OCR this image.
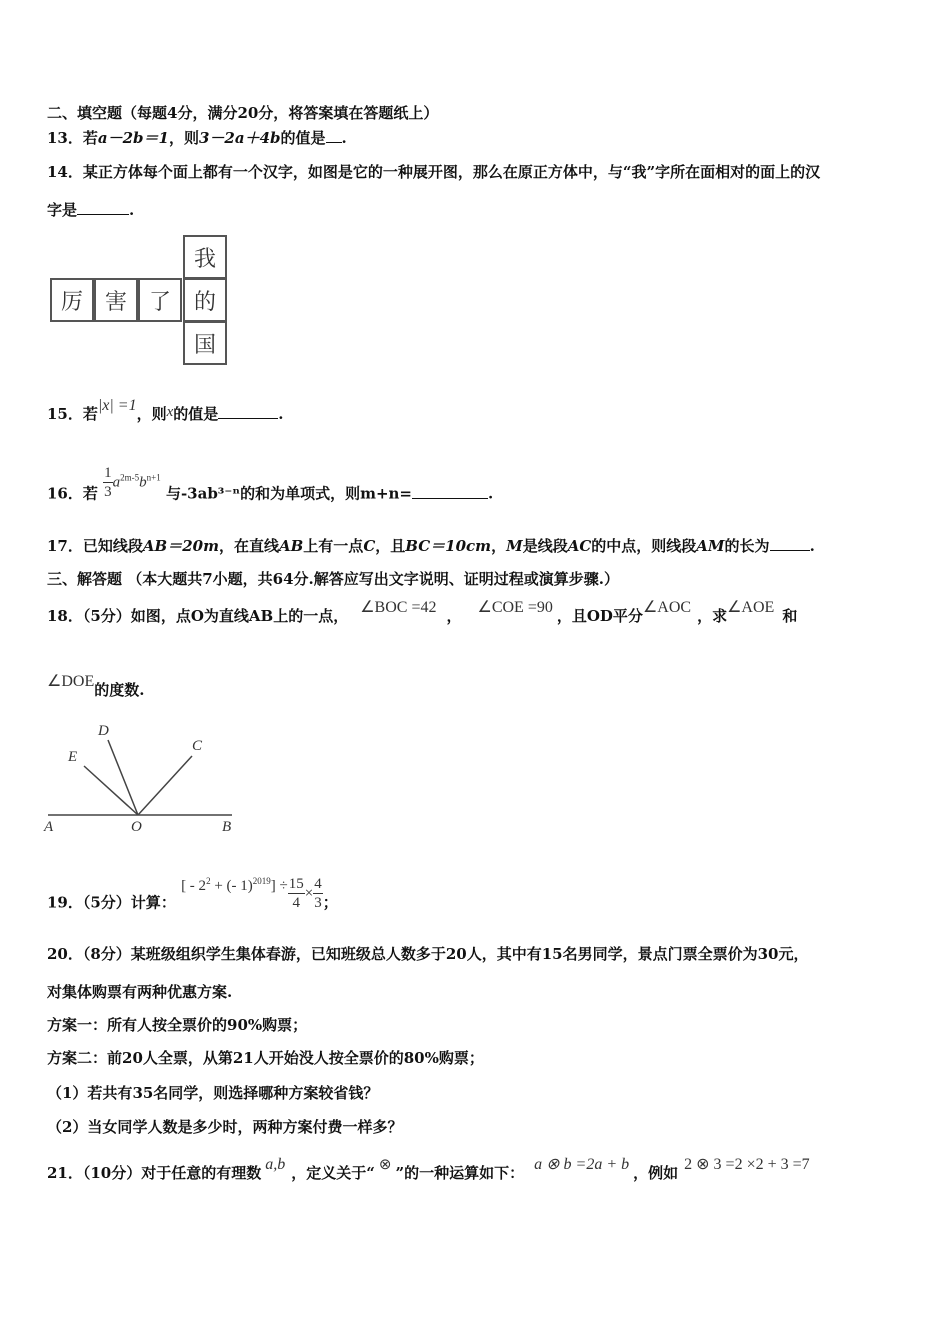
二、填空题（每题4分，满分20分，将答案填在答题纸上）
13．若a－2b＝1，则3－2a＋4b的值是 .
14．某正方体每个面上都有一个汉字，如图是它的一种展开图，那么在原正方体中，与“我”字所在面相对的面上的汉
字是	.
我
厉 害 了	的
国
15．若|x| =1，则x的值是	.
16．若 $\frac{1}{3} a^{2m-5}b^{n+1}$ 与-3ab³⁻ⁿ的和为单项式，则m+n=	.
17．已知线段AB＝20m，在直线AB上有一点C，且BC＝10cm，M是线段AC的中点，则线段AM的长为	.
三、解答题 （本大题共7小题，共64分.解答应写出文字说明、证明过程或演算步骤.）
18．（5分）如图，点O为直线AB上的一点， ∠BOC =42 ， ∠COE =90 ，且OD平分∠AOC ，求∠AOE 和
∠DOE的度数.
A	O	B
E
D
C
19．（5分）计算： [ - $2^2$ + (- $1)^{2019}] \div \frac{15}{4} \times \frac{4}{3}$ ；
20．（8分）某班级组织学生集体春游，已知班级总人数多于20人，其中有15名男同学，景点门票全票价为30元，
对集体购票有两种优惠方案.
方案一：所有人按全票价的90%购票；
方案二：前20人全票，从第21人开始没人按全票价的80%购票；
（1）若共有35名同学，则选择哪种方案较省钱？
（2）当女同学人数是多少时，两种方案付费一样多？
21．（10分）对于任意的有理数 a,b ，定义关于“ ⊗ ”的一种运算如下： a ⊗ b =2a + b ，例如 2 ⊗ 3 =2 ×2 + 3 =7
